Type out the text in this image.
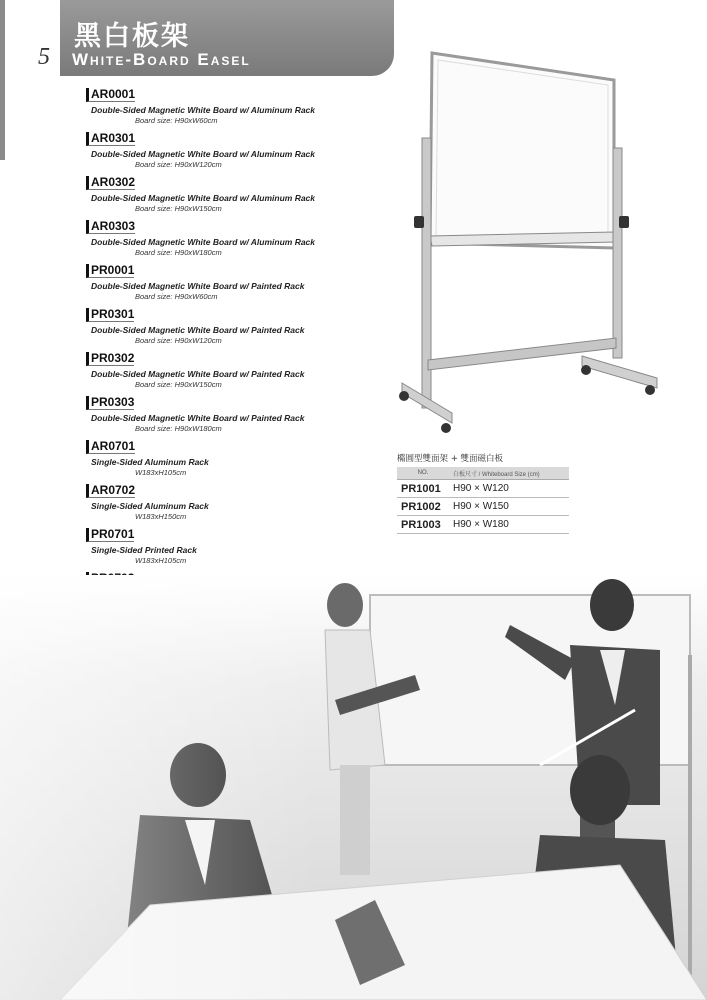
5
黑白板架
White-Board Easel
AR0001
Double-Sided Magnetic White Board w/ Aluminum Rack
Board size: H90xW60cm
AR0301
Double-Sided Magnetic White Board w/ Aluminum Rack
Board size: H90xW120cm
AR0302
Double-Sided Magnetic White Board w/ Aluminum Rack
Board size: H90xW150cm
AR0303
Double-Sided Magnetic White Board w/ Aluminum Rack
Board size: H90xW180cm
PR0001
Double-Sided Magnetic White Board w/ Painted Rack
Board size: H90xW60cm
PR0301
Double-Sided Magnetic White Board w/ Painted Rack
Board size: H90xW120cm
PR0302
Double-Sided Magnetic White Board w/ Painted Rack
Board size: H90xW150cm
PR0303
Double-Sided Magnetic White Board w/ Painted Rack
Board size: H90xW180cm
AR0701
Single-Sided Aluminum Rack
W183xH105cm
AR0702
Single-Sided Aluminum Rack
W183xH150cm
PR0701
Single-Sided Printed Rack
W183xH105cm
橢圓型雙面架 + 雙面磁白板
NO.	白板尺寸 / Whiteboard Size (cm)
PR1001	H90 × W120
PR1002	H90 × W150
PR1003	H90 × W180
